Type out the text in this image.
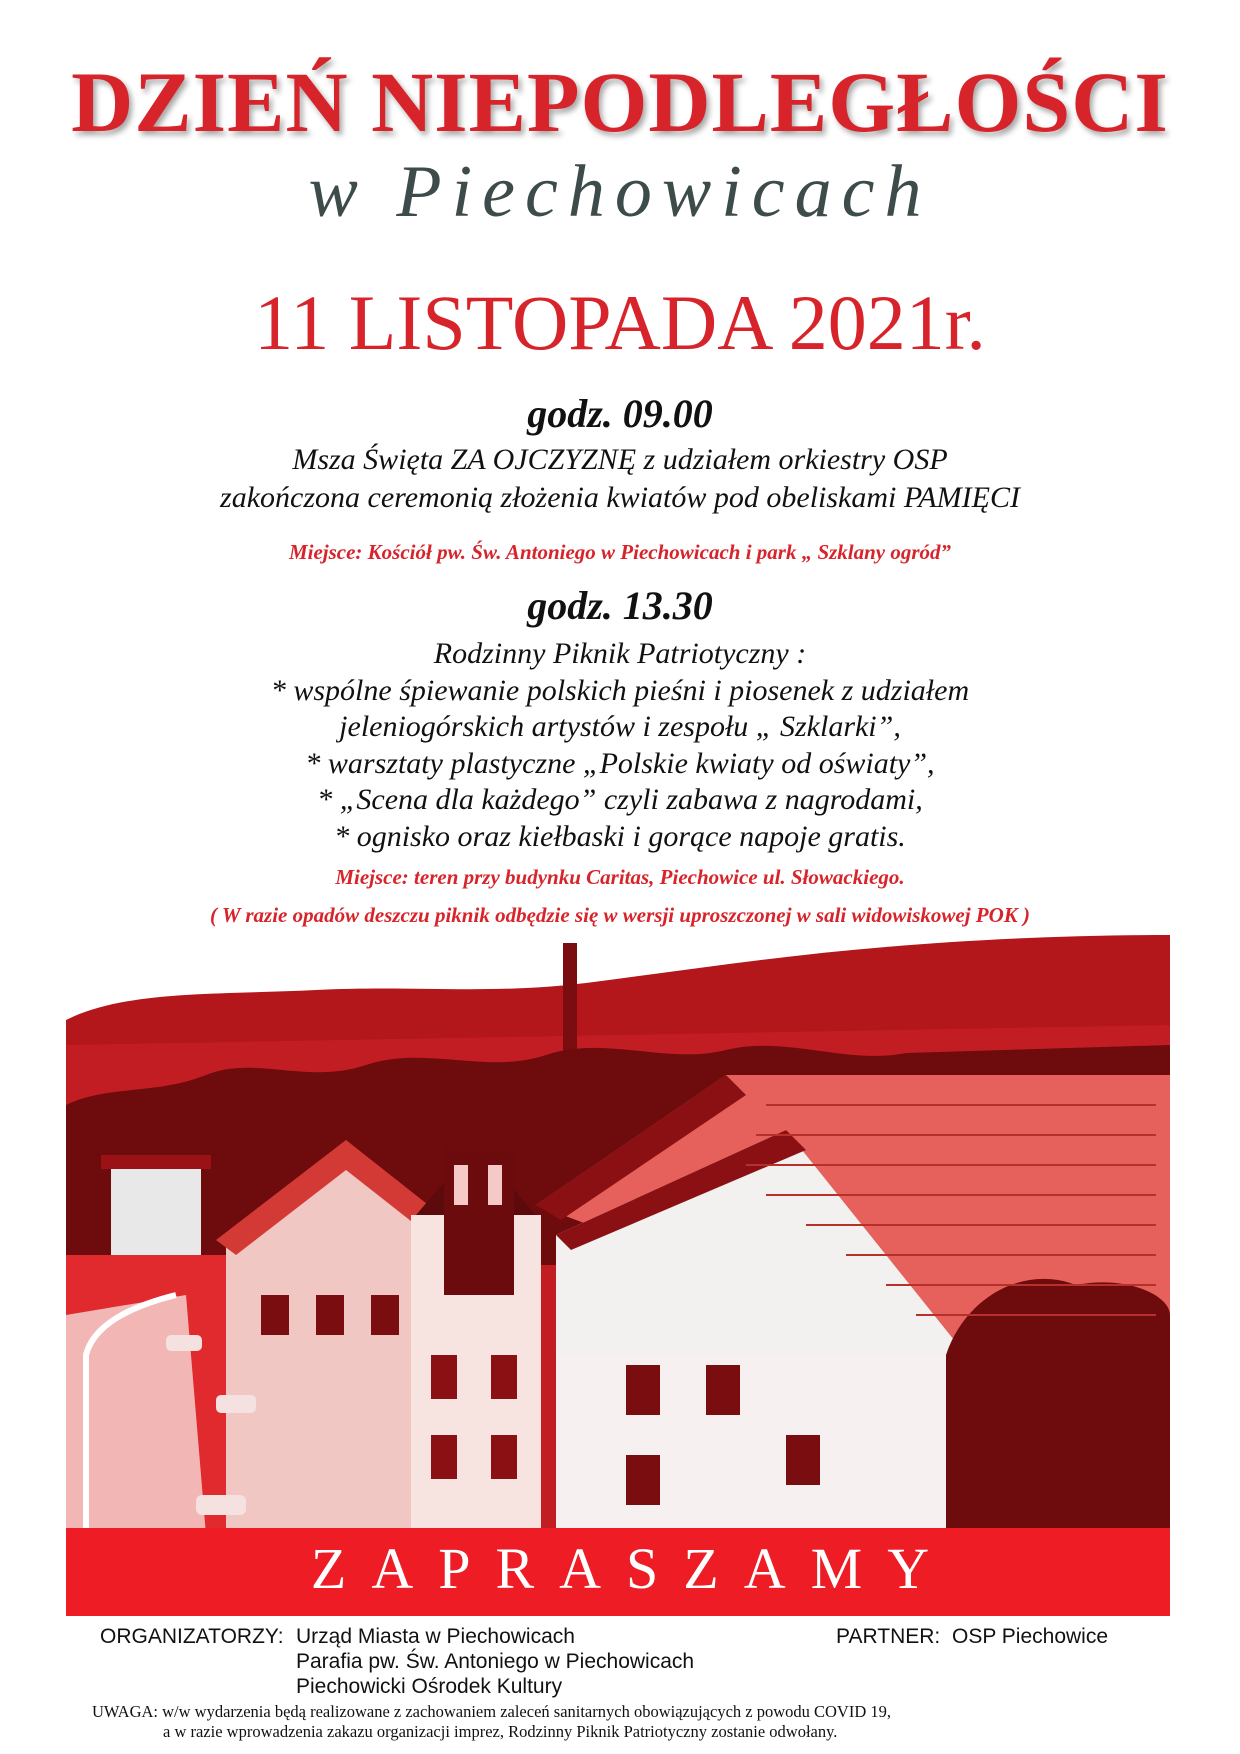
DZIEŃ NIEPODLEGŁOŚCI
w Piechowicach
11 LISTOPADA 2021r.
godz. 09.00
Msza Święta ZA OJCZYZNĘ z udziałem orkiestry OSP
zakończona ceremonią złożenia kwiatów pod obeliskami PAMIĘCI
Miejsce: Kościół pw. Św. Antoniego w Piechowicach i park „ Szklany ogród”
godz. 13.30
Rodzinny Piknik Patriotyczny :
* wspólne śpiewanie polskich pieśni i piosenek z udziałem
jeleniogórskich artystów i zespołu „ Szklarki”,
* warsztaty plastyczne „Polskie kwiaty od oświaty”,
* „Scena dla każdego” czyli zabawa z nagrodami,
* ognisko oraz kiełbaski i gorące napoje gratis.
Miejsce: teren przy budynku Caritas, Piechowice ul. Słowackiego.
( W razie opadów deszczu piknik odbędzie się w wersji uproszczonej w sali widowiskowej POK )
ZAPRASZAMY
ORGANIZATORZY: Urząd Miasta w Piechowicach
Parafia pw. Św. Antoniego w Piechowicach
Piechowicki Ośrodek Kultury
PARTNER: OSP Piechowice
UWAGA: w/w wydarzenia będą realizowane z zachowaniem zaleceń sanitarnych obowiązujących z powodu COVID 19,
a w razie wprowadzenia zakazu organizacji imprez, Rodzinny Piknik Patriotyczny zostanie odwołany.
